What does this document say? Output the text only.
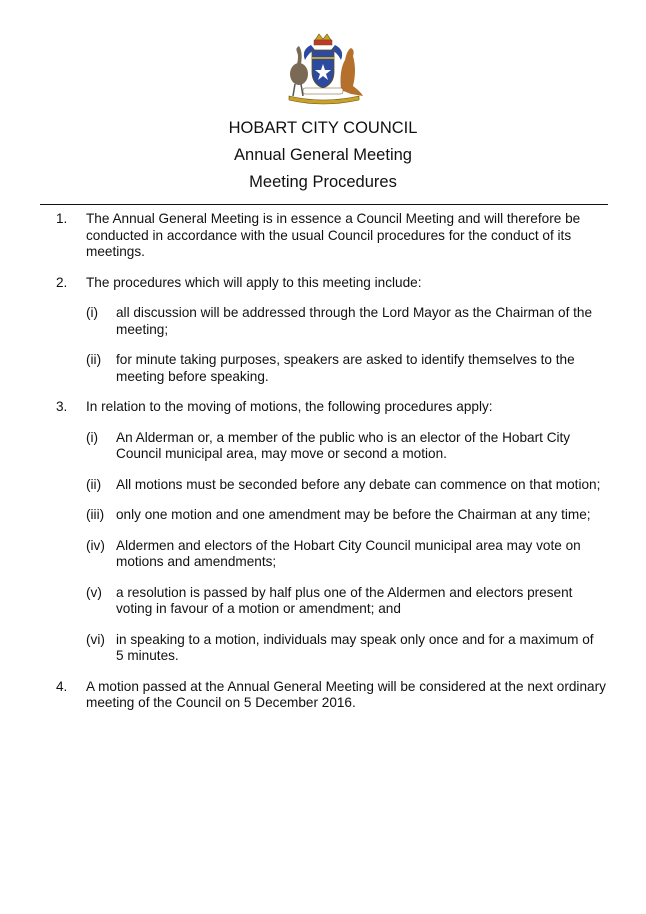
HOBART CITY COUNCIL
Annual General Meeting
Meeting Procedures
1. The Annual General Meeting is in essence a Council Meeting and will therefore be conducted in accordance with the usual Council procedures for the conduct of its meetings.
2. The procedures which will apply to this meeting include:
(i) all discussion will be addressed through the Lord Mayor as the Chairman of the meeting;
(ii) for minute taking purposes, speakers are asked to identify themselves to the meeting before speaking.
3. In relation to the moving of motions, the following procedures apply:
(i) An Alderman or, a member of the public who is an elector of the Hobart City Council municipal area, may move or second a motion.
(ii) All motions must be seconded before any debate can commence on that motion;
(iii) only one motion and one amendment may be before the Chairman at any time;
(iv) Aldermen and electors of the Hobart City Council municipal area may vote on motions and amendments;
(v) a resolution is passed by half plus one of the Aldermen and electors present voting in favour of a motion or amendment; and
(vi) in speaking to a motion, individuals may speak only once and for a maximum of 5 minutes.
4. A motion passed at the Annual General Meeting will be considered at the next ordinary meeting of the Council on 5 December 2016.
